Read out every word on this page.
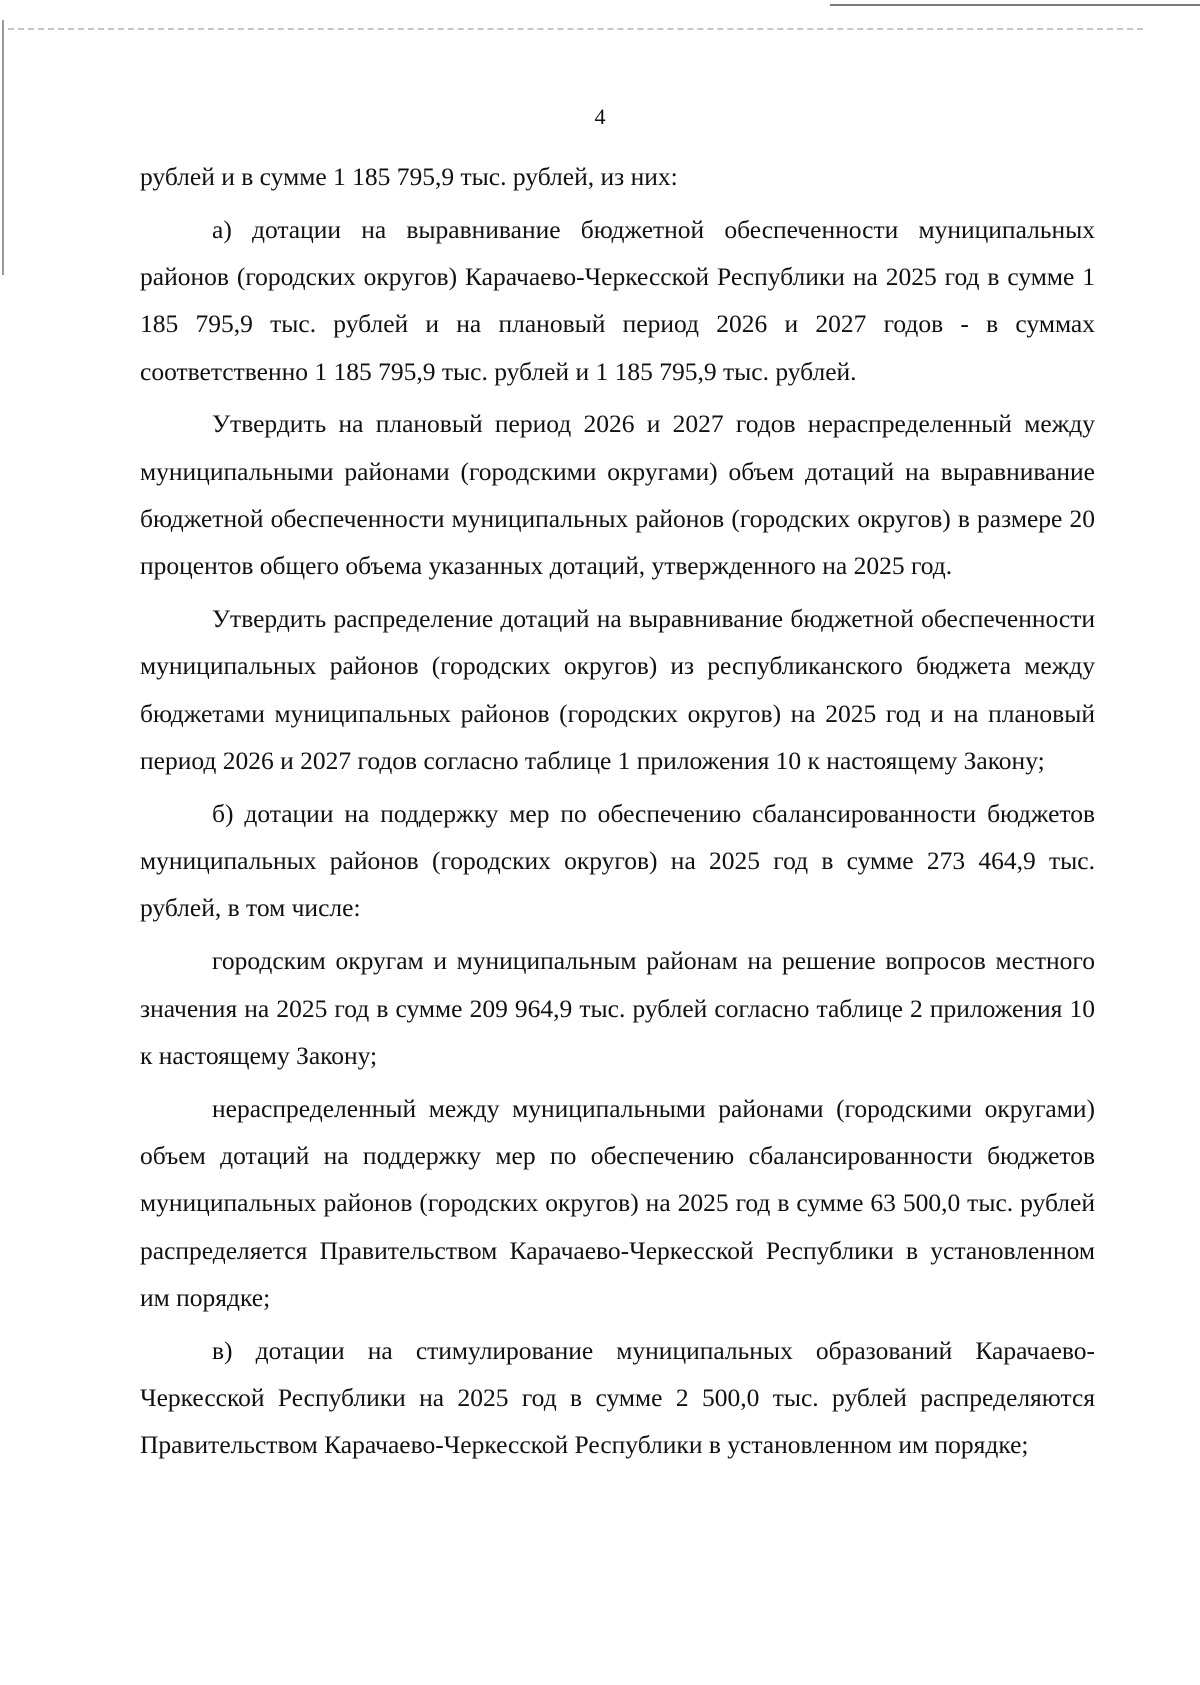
4

рублей и в сумме 1 185 795,9 тыс. рублей, из них:

а) дотации на выравнивание бюджетной обеспеченности муниципальных районов (городских округов) Карачаево-Черкесской Республики на 2025 год в сумме 1 185 795,9 тыс. рублей и на плановый период 2026 и 2027 годов - в суммах соответственно 1 185 795,9 тыс. рублей и 1 185 795,9 тыс. рублей.

Утвердить на плановый период 2026 и 2027 годов нераспределенный между муниципальными районами (городскими округами) объем дотаций на выравнивание бюджетной обеспеченности муниципальных районов (городских округов) в размере 20 процентов общего объема указанных дотаций, утвержденного на 2025 год.

Утвердить распределение дотаций на выравнивание бюджетной обеспеченности муниципальных районов (городских округов) из республиканского бюджета между бюджетами муниципальных районов (городских округов) на 2025 год и на плановый период 2026 и 2027 годов согласно таблице 1 приложения 10 к настоящему Закону;

б) дотации на поддержку мер по обеспечению сбалансированности бюджетов муниципальных районов (городских округов) на 2025 год в сумме 273 464,9 тыс. рублей, в том числе:

городским округам и муниципальным районам на решение вопросов местного значения на 2025 год в сумме 209 964,9 тыс. рублей согласно таблице 2 приложения 10 к настоящему Закону;

нераспределенный между муниципальными районами (городскими округами) объем дотаций на поддержку мер по обеспечению сбалансированности бюджетов муниципальных районов (городских округов) на 2025 год в сумме 63 500,0 тыс. рублей распределяется Правительством Карачаево-Черкесской Республики в установленном им порядке;

в) дотации на стимулирование муниципальных образований Карачаево-Черкесской Республики на 2025 год в сумме 2 500,0 тыс. рублей распределяются Правительством Карачаево-Черкесской Республики в установленном им порядке;
